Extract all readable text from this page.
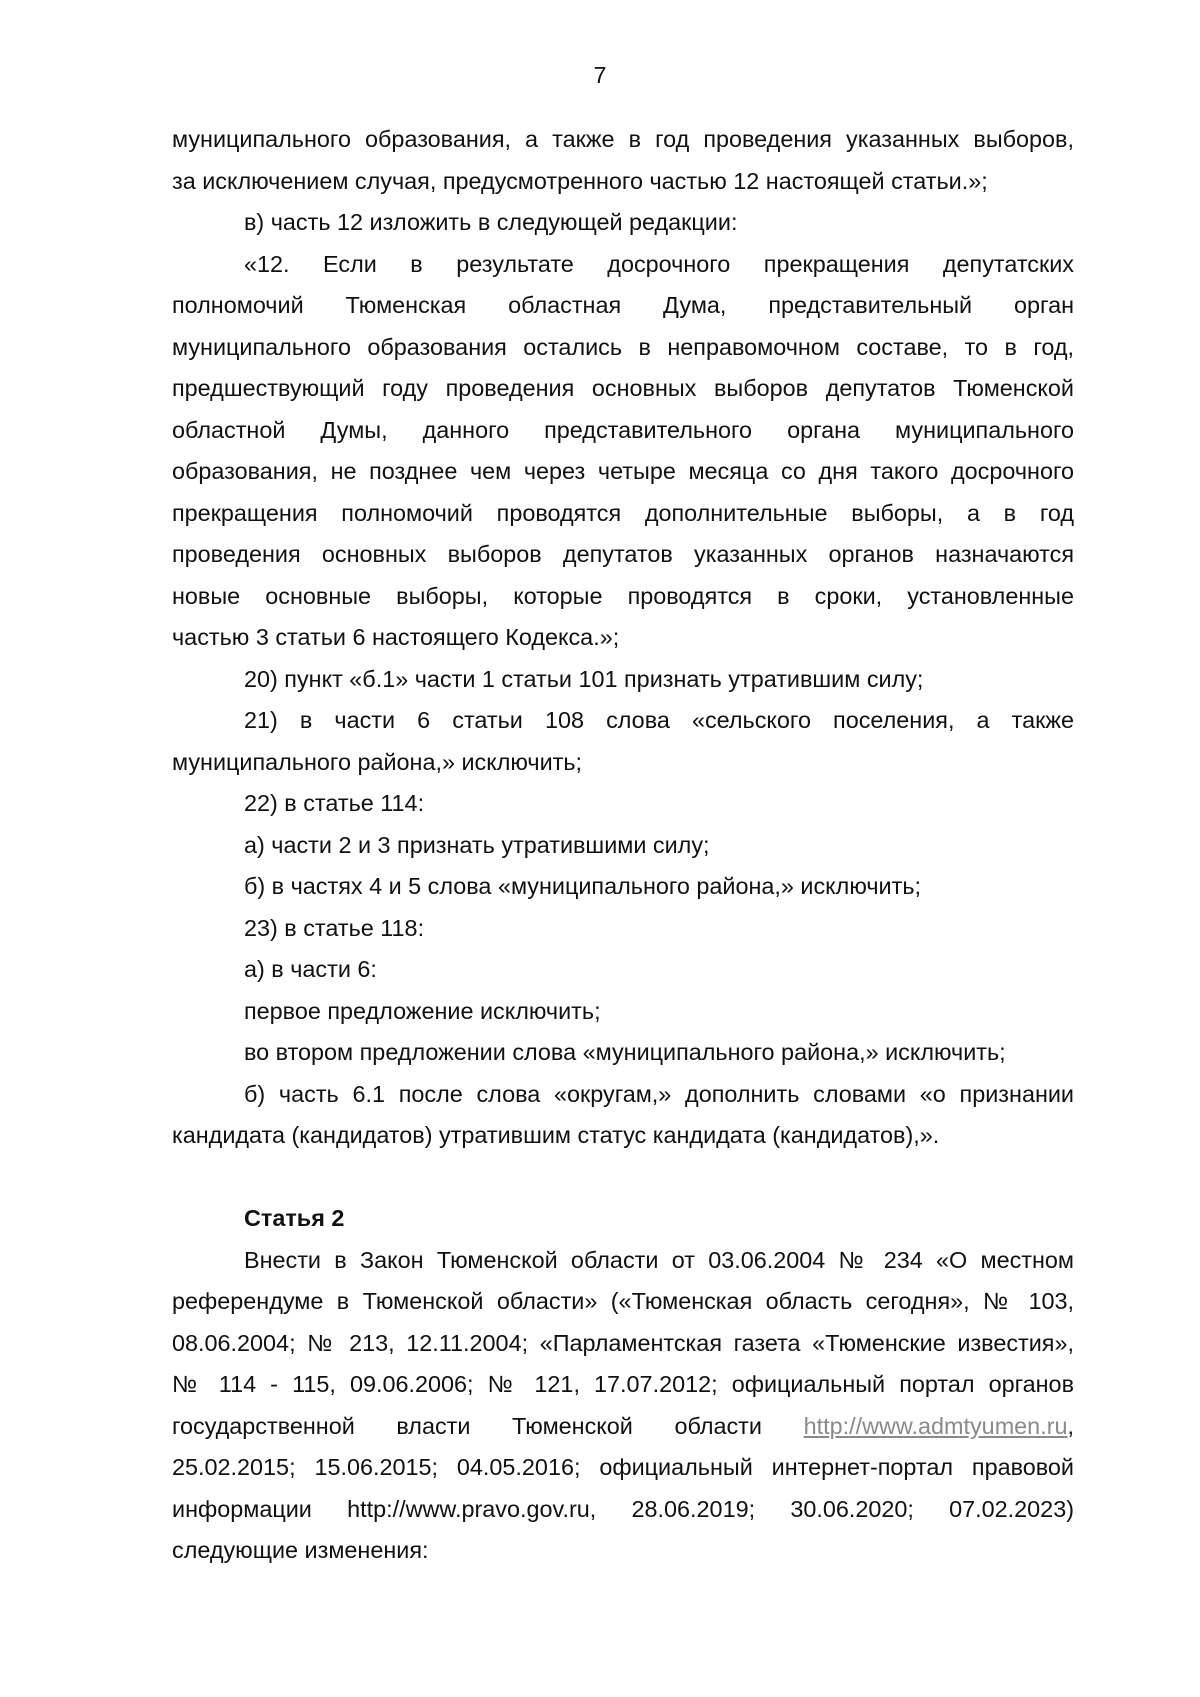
7

муниципального образования, а также в год проведения указанных выборов,

за исключением случая, предусмотренного частью 12 настоящей статьи.»;

в) часть 12 изложить в следующей редакции:

«12. Если в результате досрочного прекращения депутатских

полномочий Тюменская областная Дума, представительный орган

муниципального образования остались в неправомочном составе, то в год,

предшествующий году проведения основных выборов депутатов Тюменской

областной Думы, данного представительного органа муниципального

образования, не позднее чем через четыре месяца со дня такого досрочного

прекращения полномочий проводятся дополнительные выборы, а в год

проведения основных выборов депутатов указанных органов назначаются

новые основные выборы, которые проводятся в сроки, установленные

частью 3 статьи 6 настоящего Кодекса.»;

20) пункт «б.1» части 1 статьи 101 признать утратившим силу;

21) в части 6 статьи 108 слова «сельского поселения, а также

муниципального района,» исключить;

22) в статье 114:

а) части 2 и 3 признать утратившими силу;

б) в частях 4 и 5 слова «муниципального района,» исключить;

23) в статье 118:

а) в части 6:

первое предложение исключить;

во втором предложении слова «муниципального района,» исключить;

б) часть 6.1 после слова «округам,» дополнить словами «о признании

кандидата (кандидатов) утратившим статус кандидата (кандидатов),».

Статья 2

Внести в Закон Тюменской области от 03.06.2004 № 234 «О местном

референдуме в Тюменской области» («Тюменская область сегодня», № 103,

08.06.2004; № 213, 12.11.2004; «Парламентская газета «Тюменские известия»,

№ 114 - 115, 09.06.2006; № 121, 17.07.2012; официальный портал органов

государственной власти Тюменской области http://www.admtyumen.ru,

25.02.2015; 15.06.2015; 04.05.2016; официальный интернет-портал правовой

информации http://www.pravo.gov.ru, 28.06.2019; 30.06.2020; 07.02.2023)

следующие изменения:
